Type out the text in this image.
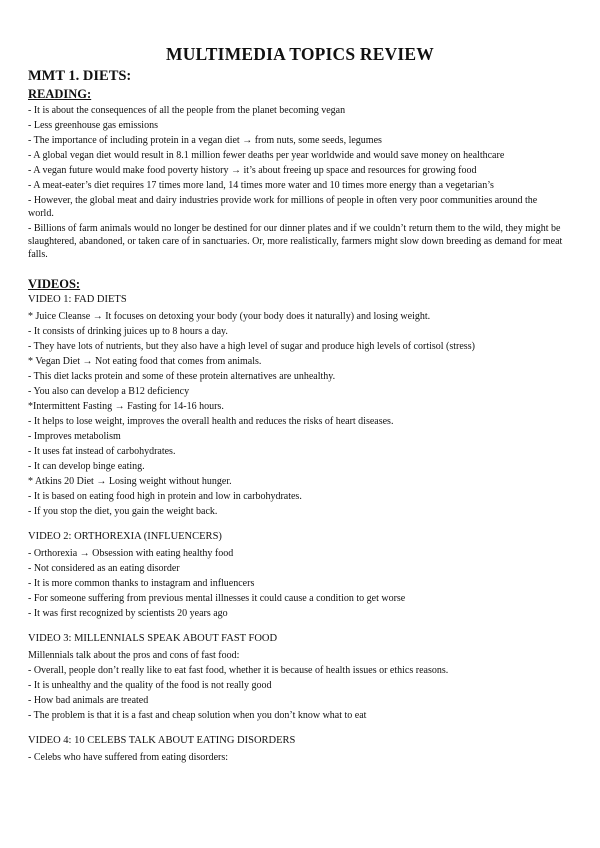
MULTIMEDIA TOPICS REVIEW
MMT 1. DIETS:
READING:
- It is about the consequences of all the people from the planet becoming vegan
- Less greenhouse gas emissions
- The importance of including protein in a vegan diet → from nuts, some seeds, legumes
- A global vegan diet would result in 8.1 million fewer deaths per year worldwide and would save money on healthcare
- A vegan future would make food poverty history → it’s about freeing up space and resources for growing food
- A meat-eater’s diet requires 17 times more land, 14 times more water and 10 times more energy than a vegetarian’s
- However, the global meat and dairy industries provide work for millions of people in often very poor communities around the world.
- Billions of farm animals would no longer be destined for our dinner plates and if we couldn’t return them to the wild, they might be slaughtered, abandoned, or taken care of in sanctuaries. Or, more realistically, farmers might slow down breeding as demand for meat falls.
VIDEOS:
VIDEO 1: FAD DIETS
* Juice Cleanse → It focuses on detoxing your body (your body does it naturally) and losing weight.
- It consists of drinking juices up to 8 hours a day.
- They have lots of nutrients, but they also have a high level of sugar and produce high levels of cortisol (stress)
* Vegan Diet → Not eating food that comes from animals.
- This diet lacks protein and some of these protein alternatives are unhealthy.
- You also can develop a B12 deficiency
*Intermittent Fasting → Fasting for 14-16 hours.
- It helps to lose weight, improves the overall health and reduces the risks of heart diseases.
- Improves metabolism
- It uses fat instead of carbohydrates.
- It can develop binge eating.
* Atkins 20 Diet → Losing weight without hunger.
- It is based on eating food high in protein and low in carbohydrates.
- If you stop the diet, you gain the weight back.
VIDEO 2: ORTHOREXIA (INFLUENCERS)
- Orthorexia → Obsession with eating healthy food
- Not considered as an eating disorder
- It is more common thanks to instagram and influencers
- For someone suffering from previous mental illnesses it could cause a condition to get worse
- It was first recognized by scientists 20 years ago
VIDEO 3: MILLENNIALS SPEAK ABOUT FAST FOOD
Millennials talk about the pros and cons of fast food:
- Overall, people don’t really like to eat fast food, whether it is because of health issues or ethics reasons.
- It is unhealthy and the quality of the food is not really good
- How bad animals are treated
- The problem is that it is a fast and cheap solution when you don’t know what to eat
VIDEO 4: 10 CELEBS TALK ABOUT EATING DISORDERS
- Celebs who have suffered from eating disorders:
